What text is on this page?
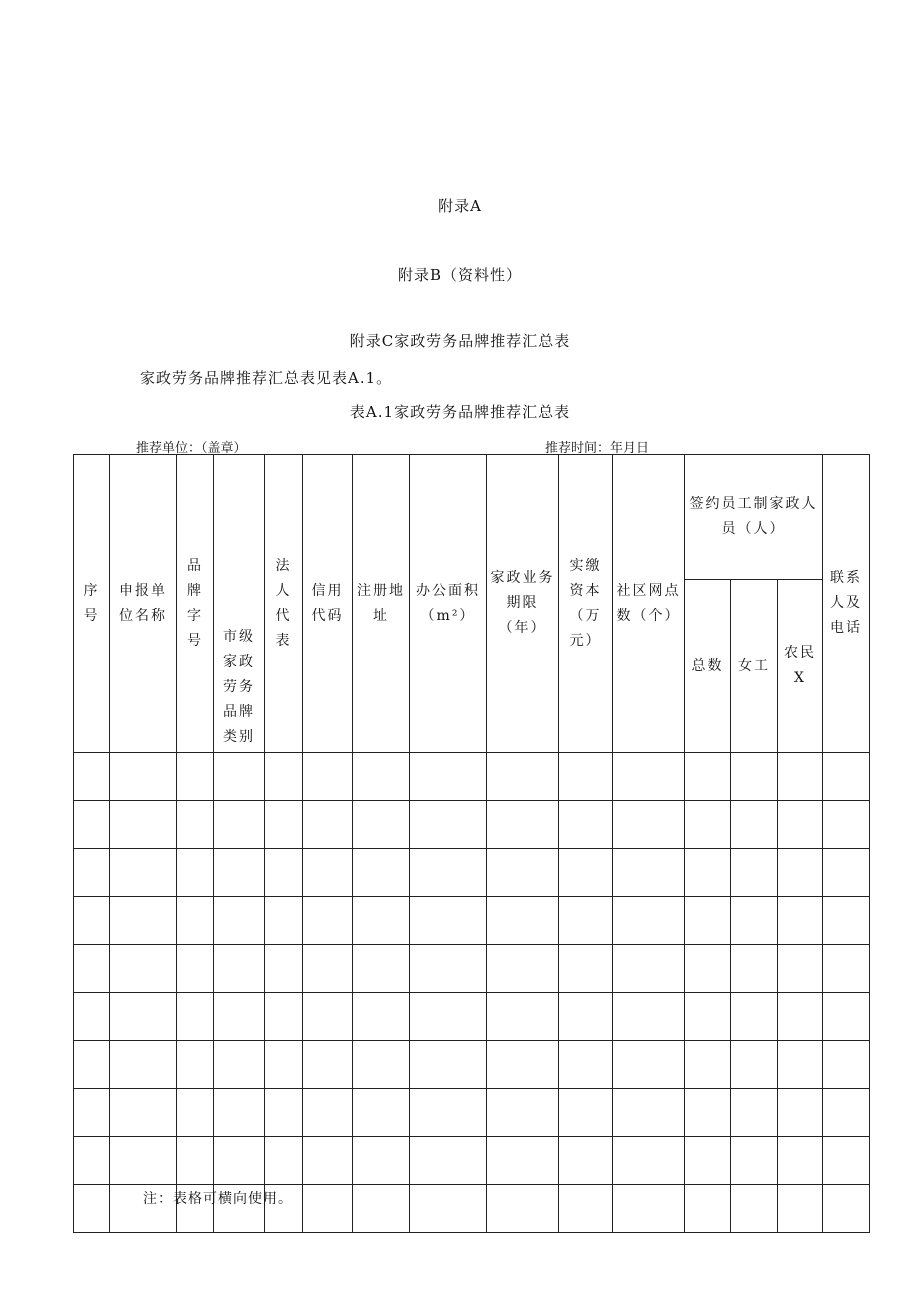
附录A
附录B（资料性）
附录C家政劳务品牌推荐汇总表
家政劳务品牌推荐汇总表见表A.1。
表A.1家政劳务品牌推荐汇总表
推荐单位：（盖章）	推荐时间：年月日
序号	申报单位名称	品牌字号	市级家政劳务品牌类别	法人代表	信用代码	注册地址	办公面积（m²）	家政业务期限（年）	实缴资本（万元）	社区网点数（个）	签约员工制家政人员（人）			联系人及电话

											总数	女工	农民X	

注：表格可横向使用。
